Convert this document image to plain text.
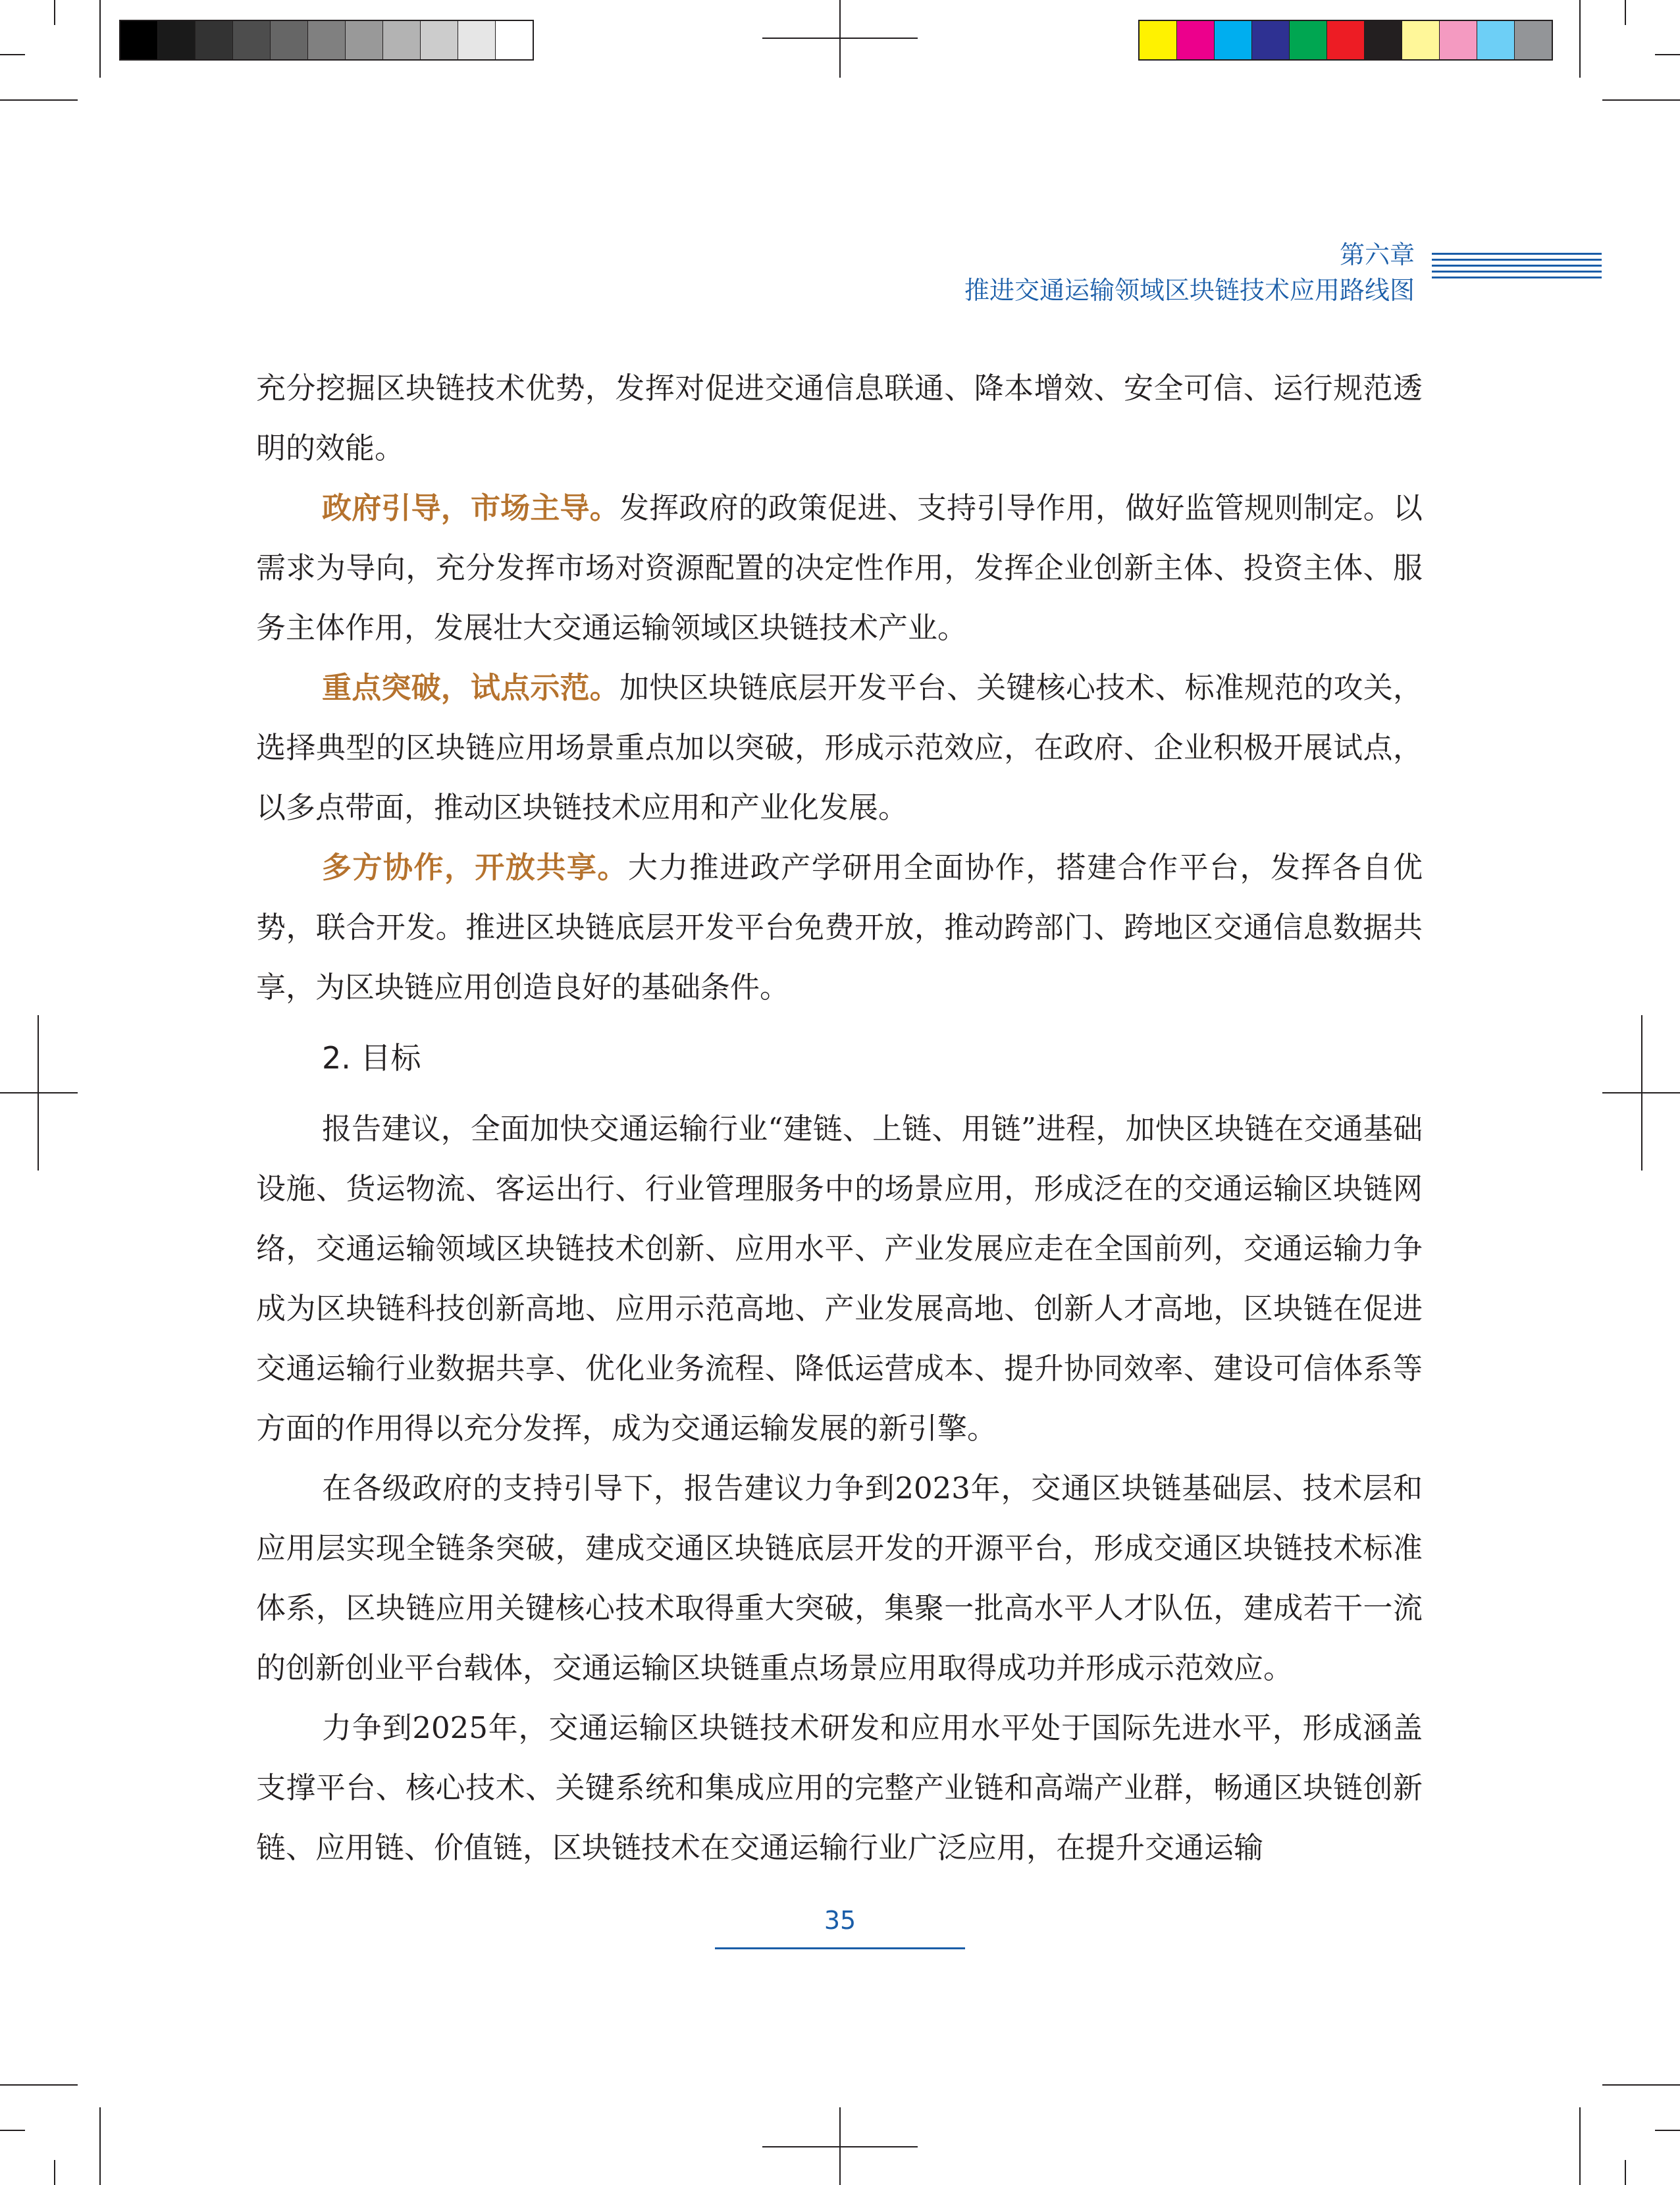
第六章
推进交通运输领域区块链技术应用路线图

充分挖掘区块链技术优势，发挥对促进交通信息联通、降本增效、安全可信、运行规范透明的效能。

政府引导，市场主导。发挥政府的政策促进、支持引导作用，做好监管规则制定。以需求为导向，充分发挥市场对资源配置的决定性作用，发挥企业创新主体、投资主体、服务主体作用，发展壮大交通运输领域区块链技术产业。

重点突破，试点示范。加快区块链底层开发平台、关键核心技术、标准规范的攻关，选择典型的区块链应用场景重点加以突破，形成示范效应，在政府、企业积极开展试点，以多点带面，推动区块链技术应用和产业化发展。

多方协作，开放共享。大力推进政产学研用全面协作，搭建合作平台，发挥各自优势，联合开发。推进区块链底层开发平台免费开放，推动跨部门、跨地区交通信息数据共享，为区块链应用创造良好的基础条件。

2. 目标

报告建议，全面加快交通运输行业“建链、上链、用链”进程，加快区块链在交通基础设施、货运物流、客运出行、行业管理服务中的场景应用，形成泛在的交通运输区块链网络，交通运输领域区块链技术创新、应用水平、产业发展应走在全国前列，交通运输力争成为区块链科技创新高地、应用示范高地、产业发展高地、创新人才高地，区块链在促进交通运输行业数据共享、优化业务流程、降低运营成本、提升协同效率、建设可信体系等方面的作用得以充分发挥，成为交通运输发展的新引擎。

在各级政府的支持引导下，报告建议力争到2023年，交通区块链基础层、技术层和应用层实现全链条突破，建成交通区块链底层开发的开源平台，形成交通区块链技术标准体系，区块链应用关键核心技术取得重大突破，集聚一批高水平人才队伍，建成若干一流的创新创业平台载体，交通运输区块链重点场景应用取得成功并形成示范效应。

力争到2025年，交通运输区块链技术研发和应用水平处于国际先进水平，形成涵盖支撑平台、核心技术、关键系统和集成应用的完整产业链和高端产业群，畅通区块链创新链、应用链、价值链，区块链技术在交通运输行业广泛应用，在提升交通运输

35
